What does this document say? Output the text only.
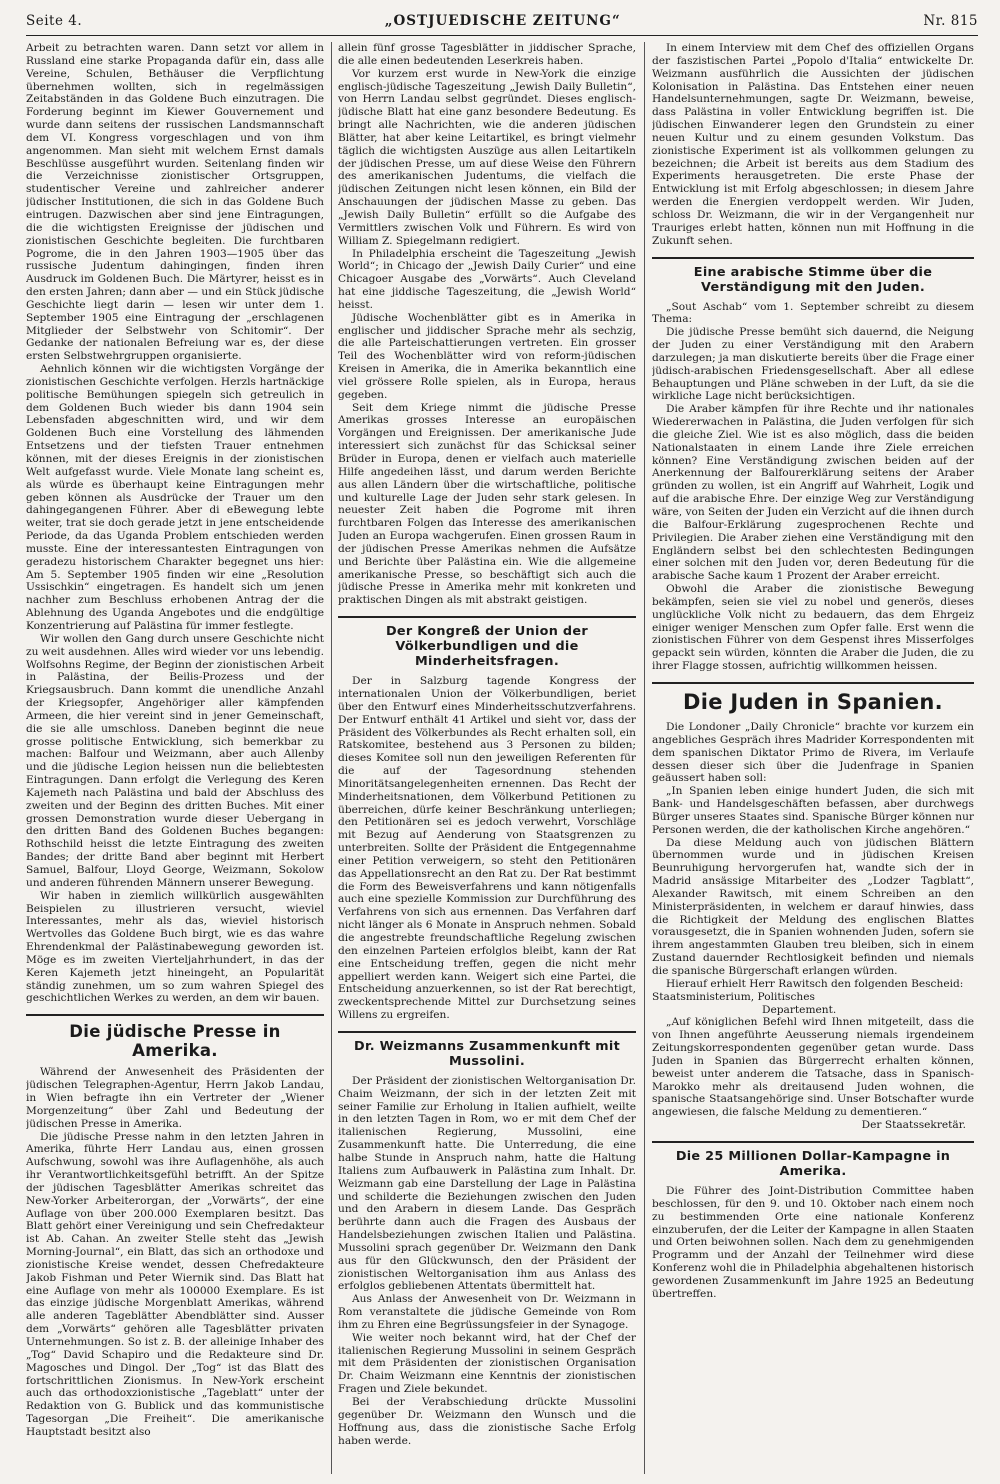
Seite 4.	„OSTJUEDISCHE ZEITUNG“	Nr. 815

Arbeit zu betrachten waren. Dann setzt vor allem in Russland eine starke Propaganda dafür ein, dass alle Vereine, Schulen, Bethäuser die Verpflichtung übernehmen wollten, sich in regelmässigen Zeitabständen in das Goldene Buch einzutragen. Die Forderung beginnt im Kiewer Gouvernement und wurde dann seitens der russischen Landsmannschaft dem VI. Kongress vorgeschlagen und von ihm angenommen. Man sieht mit welchem Ernst damals Beschlüsse ausgeführt wurden. Seitenlang finden wir die Verzeichnisse zionistischer Ortsgruppen, studentischer Vereine und zahlreicher anderer jüdischer Institutionen, die sich in das Goldene Buch eintrugen. Dazwischen aber sind jene Eintragungen, die die wichtigsten Ereignisse der jüdischen und zionistischen Geschichte begleiten. Die furchtbaren Pogrome, die in den Jahren 1903—1905 über das russische Judentum dahingingen, finden ihren Ausdruck im Goldenen Buch. Die Märtyrer, heisst es in den ersten Jahren; dann aber — und ein Stück jüdische Geschichte liegt darin — lesen wir unter dem 1. September 1905 eine Eintragung der „erschlagenen Mitglieder der Selbstwehr von Schitomir“. Der Gedanke der nationalen Befreiung war es, der diese ersten Selbstwehrgruppen organisierte.

Aehnlich können wir die wichtigsten Vorgänge der zionistischen Geschichte verfolgen. Herzls hartnäckige politische Bemühungen spiegeln sich getreulich in dem Goldenen Buch wieder bis dann 1904 sein Lebensfaden abgeschnitten wird, und wir dem Goldenen Buch eine Vorstellung des lähmenden Entsetzens und der tiefsten Trauer entnehmen können, mit der dieses Ereignis in der zionistischen Welt aufgefasst wurde. Viele Monate lang scheint es, als würde es überhaupt keine Eintragungen mehr geben können als Ausdrücke der Trauer um den dahingegangenen Führer. Aber di eBewegung lebte weiter, trat sie doch gerade jetzt in jene entscheidende Periode, da das Uganda Problem entschieden werden musste. Eine der interessantesten Eintragungen von geradezu historischem Charakter begegnet uns hier: Am 5. September 1905 finden wir eine „Resolution Ussischkin“ eingetragen. Es handelt sich um jenen nachher zum Beschluss erhobenen Antrag der die Ablehnung des Uganda Angebotes und die endgültige Konzentrierung auf Palästina für immer festlegte.

Wir wollen den Gang durch unsere Geschichte nicht zu weit ausdehnen. Alles wird wieder vor uns lebendig. Wolfsohns Regime, der Beginn der zionistischen Arbeit in Palästina, der Beilis-Prozess und der Kriegsausbruch. Dann kommt die unendliche Anzahl der Kriegsopfer, Angehöriger aller kämpfenden Armeen, die hier vereint sind in jener Gemeinschaft, die sie alle umschloss. Daneben beginnt die neue grosse politische Entwicklung, sich bemerkbar zu machen: Balfour und Weizmann, aber auch Allenby und die jüdische Legion heissen nun die beliebtesten Eintragungen. Dann erfolgt die Verlegung des Keren Kajemeth nach Palästina und bald der Abschluss des zweiten und der Beginn des dritten Buches. Mit einer grossen Demonstration wurde dieser Uebergang in den dritten Band des Goldenen Buches begangen: Rothschild heisst die letzte Eintragung des zweiten Bandes; der dritte Band aber beginnt mit Herbert Samuel, Balfour, Lloyd George, Weizmann, Sokolow und anderen führenden Männern unserer Bewegung.

Wir haben in ziemlich willkürlich ausgewählten Beispielen zu illustrieren versucht, wieviel Interessantes, mehr als das, wieviel historisch Wertvolles das Goldene Buch birgt, wie es das wahre Ehrendenkmal der Palästinabewegung geworden ist. Möge es im zweiten Vierteljahrhundert, in das der Keren Kajemeth jetzt hineingeht, an Popularität ständig zunehmen, um so zum wahren Spiegel des geschichtlichen Werkes zu werden, an dem wir bauen.

Die jüdische Presse in Amerika.

Während der Anwesenheit des Präsidenten der jüdischen Telegraphen-Agentur, Herrn Jakob Landau, in Wien befragte ihn ein Vertreter der „Wiener Morgenzeitung“ über Zahl und Bedeutung der jüdischen Presse in Amerika.

Die jüdische Presse nahm in den letzten Jahren in Amerika, führte Herr Landau aus, einen grossen Aufschwung, sowohl was ihre Auflagenhöhe, als auch ihr Verantwortlichkeitsgefühl betrifft. An der Spitze der jüdischen Tagesblätter Amerikas schreitet das New-Yorker Arbeiterorgan, der „Vorwärts“, der eine Auflage von über 200.000 Exemplaren besitzt. Das Blatt gehört einer Vereinigung und sein Chefredakteur ist Ab. Cahan. An zweiter Stelle steht das „Jewish Morning-Journal“, ein Blatt, das sich an orthodoxe und zionistische Kreise wendet, dessen Chefredakteure Jakob Fishman und Peter Wiernik sind. Das Blatt hat eine Auflage von mehr als 100000 Exemplare. Es ist das einzige jüdische Morgenblatt Amerikas, während alle anderen Tageblätter Abendblätter sind. Ausser dem „Vorwärts“ gehören alle Tagesblätter privaten Unternehmungen. So ist z. B. der alleinige Inhaber des „Tog“ David Schapiro und die Redakteure sind Dr. Magosches und Dingol. Der „Tog“ ist das Blatt des fortschrittlichen Zionismus. In New-York erscheint auch das orthodoxzionistische „Tageblatt“ unter der Redaktion von G. Bublick und das kommunistische Tagesorgan „Die Freiheit“. Die amerikanische Hauptstadt besitzt also

allein fünf grosse Tagesblätter in jiddischer Sprache, die alle einen bedeutenden Leserkreis haben.

Vor kurzem erst wurde in New-York die einzige englisch-jüdische Tageszeitung „Jewish Daily Bulletin“, von Herrn Landau selbst gegründet. Dieses englisch-jüdische Blatt hat eine ganz besondere Bedeutung. Es bringt alle Nachrichten, wie die anderen jüdischen Blätter, hat aber keine Leitartikel, es bringt vielmehr täglich die wichtigsten Auszüge aus allen Leitartikeln der jüdischen Presse, um auf diese Weise den Führern des amerikanischen Judentums, die vielfach die jüdischen Zeitungen nicht lesen können, ein Bild der Anschauungen der jüdischen Masse zu geben. Das „Jewish Daily Bulletin“ erfüllt so die Aufgabe des Vermittlers zwischen Volk und Führern. Es wird von William Z. Spiegelmann redigiert.

In Philadelphia erscheint die Tageszeitung „Jewish World“; in Chicago der „Jewish Daily Curier“ und eine Chicagoer Ausgabe des „Vorwärts“. Auch Cleveland hat eine jiddische Tageszeitung, die „Jewish World“ heisst.

Jüdische Wochenblätter gibt es in Amerika in englischer und jiddischer Sprache mehr als sechzig, die alle Parteischattierungen vertreten. Ein grosser Teil des Wochenblätter wird von reform-jüdischen Kreisen in Amerika, die in Amerika bekanntlich eine viel grössere Rolle spielen, als in Europa, heraus gegeben.

Seit dem Kriege nimmt die jüdische Presse Amerikas grosses Interesse an europäischen Vorgängen und Ereignissen. Der amerikanische Jude interessiert sich zunächst für das Schicksal seiner Brüder in Europa, denen er vielfach auch materielle Hilfe angedeihen lässt, und darum werden Berichte aus allen Ländern über die wirtschaftliche, politische und kulturelle Lage der Juden sehr stark gelesen. In neuester Zeit haben die Pogrome mit ihren furchtbaren Folgen das Interesse des amerikanischen Juden an Europa wachgerufen. Einen grossen Raum in der jüdischen Presse Amerikas nehmen die Aufsätze und Berichte über Palästina ein. Wie die allgemeine amerikanische Presse, so beschäftigt sich auch die jüdische Presse in Amerika mehr mit konkreten und praktischen Dingen als mit abstrakt geistigen.

Der Kongreß der Union der Völkerbundligen und die Minderheitsfragen.

Der in Salzburg tagende Kongress der internationalen Union der Völkerbundligen, beriet über den Entwurf eines Minderheitsschutzverfahrens. Der Entwurf enthält 41 Artikel und sieht vor, dass der Präsident des Völkerbundes als Recht erhalten soll, ein Ratskomitee, bestehend aus 3 Personen zu bilden; dieses Komitee soll nun den jeweiligen Referenten für die auf der Tagesordnung stehenden Minoritätsangelegenheiten ernennen. Das Recht der Minderheitsnationen, dem Völkerbund Petitionen zu überreichen, dürfe keiner Beschränkung unterliegen; den Petitionären sei es jedoch verwehrt, Vorschläge mit Bezug auf Aenderung von Staatsgrenzen zu unterbreiten. Sollte der Präsident die Entgegennahme einer Petition verweigern, so steht den Petitionären das Appellationsrecht an den Rat zu. Der Rat bestimmt die Form des Beweisverfahrens und kann nötigenfalls auch eine spezielle Kommission zur Durchführung des Verfahrens von sich aus ernennen. Das Verfahren darf nicht länger als 6 Monate in Anspruch nehmen. Sobald die angestrebte freundschaftliche Regelung zwischen den einzelnen Parteien erfolglos bleibt, kann der Rat eine Entscheidung treffen, gegen die nicht mehr appelliert werden kann. Weigert sich eine Partei, die Entscheidung anzuerkennen, so ist der Rat berechtigt, zweckentsprechende Mittel zur Durchsetzung seines Willens zu ergreifen.

Dr. Weizmanns Zusammenkunft mit Mussolini.

Der Präsident der zionistischen Weltorganisation Dr. Chaim Weizmann, der sich in der letzten Zeit mit seiner Familie zur Erholung in Italien aufhielt, weilte in den letzten Tagen in Rom, wo er mit dem Chef der italienischen Regierung, Mussolini, eine Zusammenkunft hatte. Die Unterredung, die eine halbe Stunde in Anspruch nahm, hatte die Haltung Italiens zum Aufbauwerk in Palästina zum Inhalt. Dr. Weizmann gab eine Darstellung der Lage in Palästina und schilderte die Beziehungen zwischen den Juden und den Arabern in diesem Lande. Das Gespräch berührte dann auch die Fragen des Ausbaus der Handelsbeziehungen zwischen Italien und Palästina. Mussolini sprach gegenüber Dr. Weizmann den Dank aus für den Glückwunsch, den der Präsident der zionistischen Weltorganisation ihm aus Anlass des erfolglos gebliebenen Attentats übermittelt hat.

Aus Anlass der Anwesenheit von Dr. Weizmann in Rom veranstaltete die jüdische Gemeinde von Rom ihm zu Ehren eine Begrüssungsfeier in der Synagoge.

Wie weiter noch bekannt wird, hat der Chef der italienischen Regierung Mussolini in seinem Gespräch mit dem Präsidenten der zionistischen Organisation Dr. Chaim Weizmann eine Kenntnis der zionistischen Fragen und Ziele bekundet.

Bei der Verabschiedung drückte Mussolini gegenüber Dr. Weizmann den Wunsch und die Hoffnung aus, dass die zionistische Sache Erfolg haben werde.

In einem Interview mit dem Chef des offiziellen Organs der faszistischen Partei „Popolo d'Italia“ entwickelte Dr. Weizmann ausführlich die Aussichten der jüdischen Kolonisation in Palästina. Das Entstehen einer neuen Handelsunternehmungen, sagte Dr. Weizmann, beweise, dass Palästina in voller Entwicklung begriffen ist. Die jüdischen Einwanderer legen den Grundstein zu einer neuen Kultur und zu einem gesunden Volkstum. Das zionistische Experiment ist als vollkommen gelungen zu bezeichnen; die Arbeit ist bereits aus dem Stadium des Experiments herausgetreten. Die erste Phase der Entwicklung ist mit Erfolg abgeschlossen; in diesem Jahre werden die Energien verdoppelt werden. Wir Juden, schloss Dr. Weizmann, die wir in der Vergangenheit nur Trauriges erlebt hatten, können nun mit Hoffnung in die Zukunft sehen.

Eine arabische Stimme über die Verständigung mit den Juden.

„Sout Aschab“ vom 1. September schreibt zu diesem Thema:

Die jüdische Presse bemüht sich dauernd, die Neigung der Juden zu einer Verständigung mit den Arabern darzulegen; ja man diskutierte bereits über die Frage einer jüdisch-arabischen Friedensgesellschaft. Aber all edlese Behauptungen und Pläne schweben in der Luft, da sie die wirkliche Lage nicht berücksichtigen.

Die Araber kämpfen für ihre Rechte und ihr nationales Wiedererwachen in Palästina, die Juden verfolgen für sich die gleiche Ziel. Wie ist es also möglich, dass die beiden Nationalstaaten in einem Lande ihre Ziele erreichen können? Eine Verständigung zwischen beiden auf der Anerkennung der Balfourerklärung seitens der Araber gründen zu wollen, ist ein Angriff auf Wahrheit, Logik und auf die arabische Ehre. Der einzige Weg zur Verständigung wäre, von Seiten der Juden ein Verzicht auf die ihnen durch die Balfour-Erklärung zugesprochenen Rechte und Privilegien. Die Araber ziehen eine Verständigung mit den Engländern selbst bei den schlechtesten Bedingungen einer solchen mit den Juden vor, deren Bedeutung für die arabische Sache kaum 1 Prozent der Araber erreicht.

Obwohl die Araber die zionistische Bewegung bekämpfen, seien sie viel zu nobel und generös, dieses unglückliche Volk nicht zu bedauern, das dem Ehrgeiz einiger weniger Menschen zum Opfer falle. Erst wenn die zionistischen Führer von dem Gespenst ihres Misserfolges gepackt sein würden, könnten die Araber die Juden, die zu ihrer Flagge stossen, aufrichtig willkommen heissen.

Die Juden in Spanien.

Die Londoner „Daily Chronicle“ brachte vor kurzem ein angebliches Gespräch ihres Madrider Korrespondenten mit dem spanischen Diktator Primo de Rivera, im Verlaufe dessen dieser sich über die Judenfrage in Spanien geäussert haben soll:

„In Spanien leben einige hundert Juden, die sich mit Bank- und Handelsgeschäften befassen, aber durchwegs Bürger unseres Staates sind. Spanische Bürger können nur Personen werden, die der katholischen Kirche angehören.“

Da diese Meldung auch von jüdischen Blättern übernommen wurde und in jüdischen Kreisen Beunruhigung hervorgerufen hat, wandte sich der in Madrid ansässige Mitarbeiter des „Lodzer Tagblatt“, Alexander Rawitsch, mit einem Schreiben an den Ministerpräsidenten, in welchem er darauf hinwies, dass die Richtigkeit der Meldung des englischen Blattes vorausgesetzt, die in Spanien wohnenden Juden, sofern sie ihrem angestammten Glauben treu bleiben, sich in einem Zustand dauernder Rechtlosigkeit befinden und niemals die spanische Bürgerschaft erlangen würden.

Hierauf erhielt Herr Rawitsch den folgenden Bescheid:

Staatsministerium, Politisches

Departement.

„Auf königlichen Befehl wird Ihnen mitgeteilt, dass die von Ihnen angeführte Aeusserung niemals irgendeinem Zeitungskorrespondenten gegenüber getan wurde. Dass Juden in Spanien das Bürgerrecht erhalten können, beweist unter anderem die Tatsache, dass in Spanisch-Marokko mehr als dreitausend Juden wohnen, die spanische Staatsangehörige sind. Unser Botschafter wurde angewiesen, die falsche Meldung zu dementieren.“

Der Staatssekretär.

Die 25 Millionen Dollar-Kampagne in Amerika.

Die Führer des Joint-Distribution Committee haben beschlossen, für den 9. und 10. Oktober nach einem noch zu bestimmenden Orte eine nationale Konferenz einzuberufen, der die Leiter der Kampagne in allen Staaten und Orten beiwohnen sollen. Nach dem zu genehmigenden Programm und der Anzahl der Teilnehmer wird diese Konferenz wohl die in Philadelphia abgehaltenen historisch gewordenen Zusammenkunft im Jahre 1925 an Bedeutung übertreffen.
